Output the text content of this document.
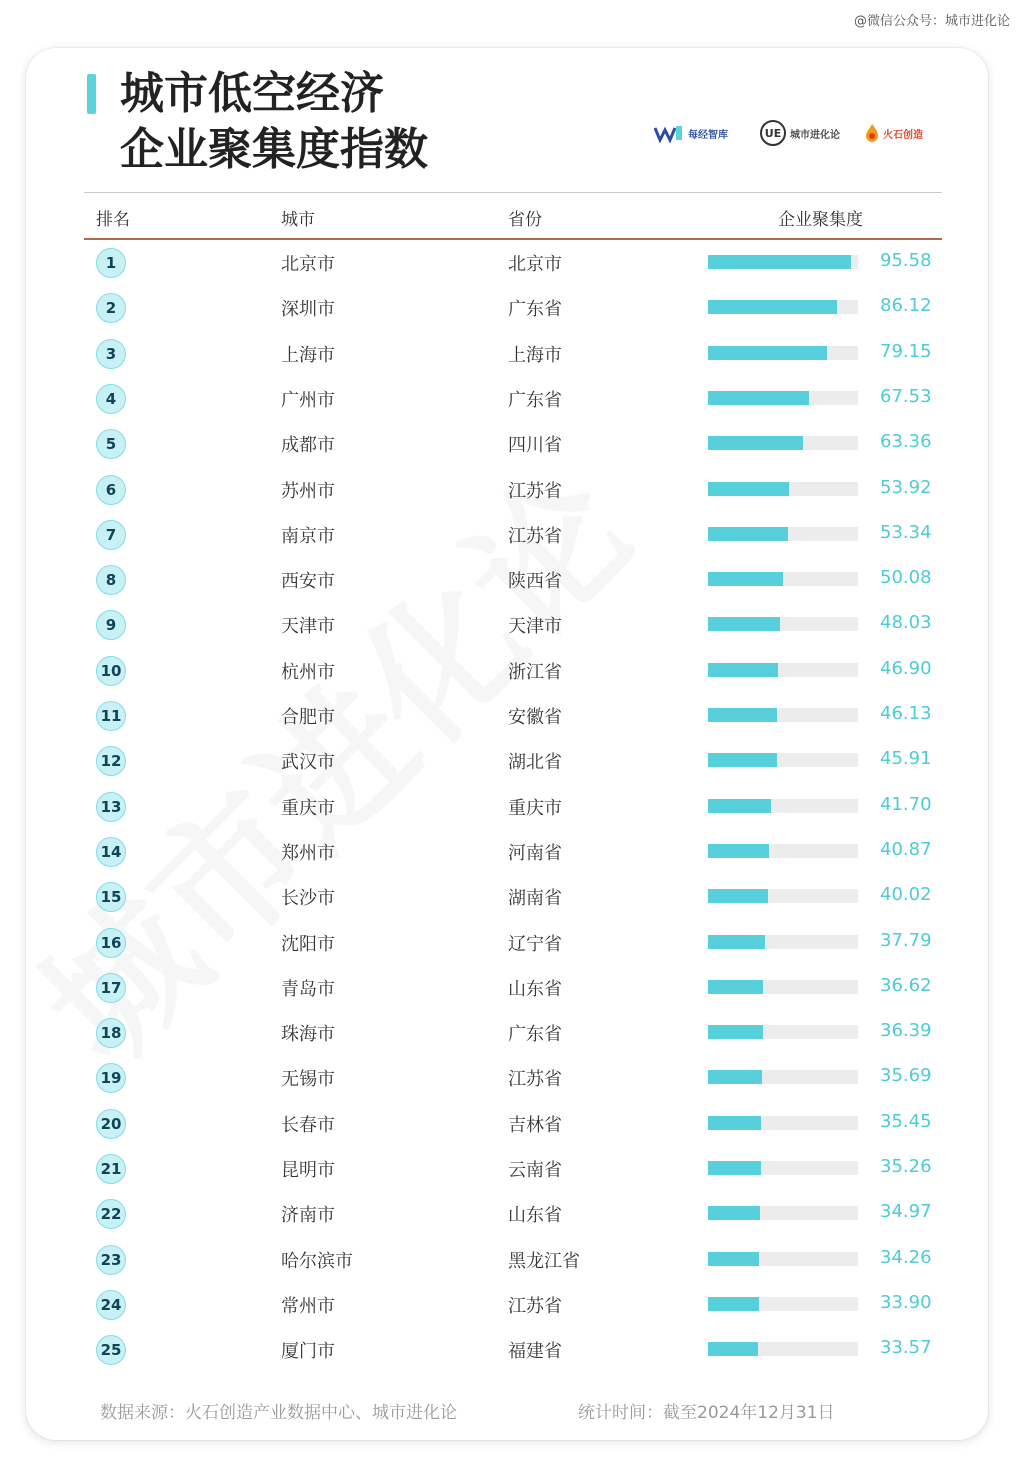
@微信公众号：城市进化论
城市低空经济
企业聚集度指数	每经智库	UE 城市进化论	火石创造
排名	城市	省份	企业聚集度
1	北京市	北京市	95.58
2	深圳市	广东省	86.12
3	上海市	上海市	79.15
4	广州市	广东省	67.53
5	成都市	四川省	63.36
6	苏州市	江苏省	53.92
7	南京市	江苏省	53.34
8	西安市	陕西省	50.08
9	天津市	天津市	48.03
10	杭州市	浙江省	46.90
11	合肥市	安徽省	46.13
12	武汉市	湖北省	45.91
13	重庆市	重庆市	41.70
14	郑州市	河南省	40.87
15	长沙市	湖南省	40.02
16	沈阳市	辽宁省	37.79
17	青岛市	山东省	36.62
18	珠海市	广东省	36.39
19	无锡市	江苏省	35.69
20	长春市	吉林省	35.45
21	昆明市	云南省	35.26
22	济南市	山东省	34.97
23	哈尔滨市	黑龙江省	34.26
24	常州市	江苏省	33.90
25	厦门市	福建省	33.57
数据来源：火石创造产业数据中心、城市进化论	统计时间：截至2024年12月31日
